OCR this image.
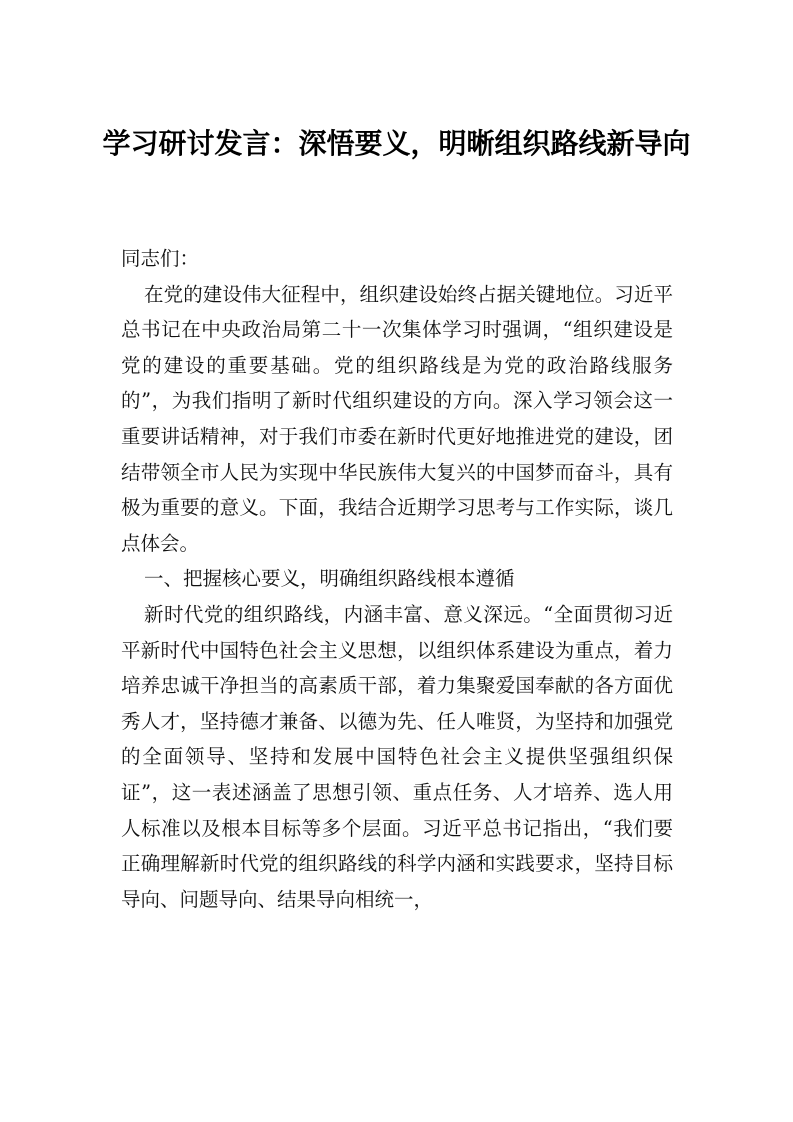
学习研讨发言：深悟要义，明晰组织路线新导向

同志们：

在党的建设伟大征程中，组织建设始终占据关键地位。习近平总书记在中央政治局第二十一次集体学习时强调，“组织建设是党的建设的重要基础。党的组织路线是为党的政治路线服务的”，为我们指明了新时代组织建设的方向。深入学习领会这一重要讲话精神，对于我们市委在新时代更好地推进党的建设，团结带领全市人民为实现中华民族伟大复兴的中国梦而奋斗，具有极为重要的意义。下面，我结合近期学习思考与工作实际，谈几点体会。

一、把握核心要义，明确组织路线根本遵循

新时代党的组织路线，内涵丰富、意义深远。“全面贯彻习近平新时代中国特色社会主义思想，以组织体系建设为重点，着力培养忠诚干净担当的高素质干部，着力集聚爱国奉献的各方面优秀人才，坚持德才兼备、以德为先、任人唯贤，为坚持和加强党的全面领导、坚持和发展中国特色社会主义提供坚强组织保证”，这一表述涵盖了思想引领、重点任务、人才培养、选人用人标准以及根本目标等多个层面。习近平总书记指出，“我们要正确理解新时代党的组织路线的科学内涵和实践要求，坚持目标导向、问题导向、结果导向相统一，
